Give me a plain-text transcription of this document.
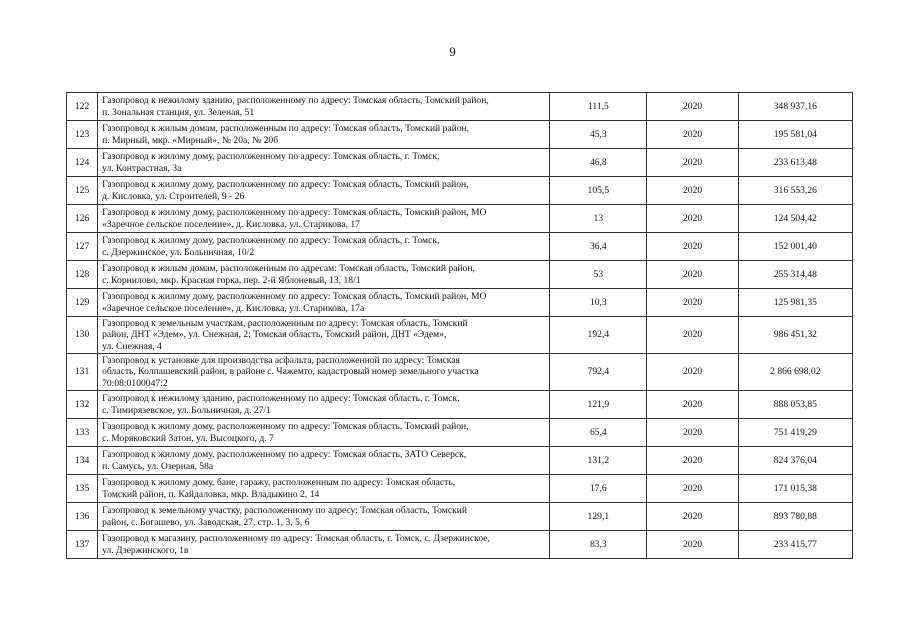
9
122	Газопровод к нежилому зданию, расположенному по адресу: Томская область, Томский район,
п. Зональная станция, ул. Зеленая, 51	111,5	2020	348 937,16
123	Газопровод к жилым домам, расположенным по адресу: Томская область, Томский район,
п. Мирный, мкр. «Мирный», № 20а, № 20б	45,3	2020	195 581,04
124	Газопровод к жилому дому, расположенному по адресу: Томская область, г. Томск,
ул. Контрастная, 3а	46,8	2020	233 613,48
125	Газопровод к жилому дому, расположенному по адресу: Томская область, Томский район,
д. Кисловка, ул. Строителей, 9 - 26	105,5	2020	316 553,26
126	Газопровод к жилому дому, расположенному по адресу: Томская область, Томский район, МО
«Заречное сельское поселение», д. Кисловка, ул. Старикова, 17	13	2020	124 504,42
127	Газопровод к жилому дому, расположенному по адресу: Томская область, г. Томск,
с. Дзержинское, ул. Больничная, 10/2	36,4	2020	152 001,40
128	Газопровод к жилым домам, расположенным по адресам: Томская область, Томский район,
с. Корнилово, мкр. Красная горка, пер. 2-й Яблоневый, 13, 18/1	53	2020	255 314,48
129	Газопровод к жилому дому, расположенному по адресу: Томская область, Томский район, МО
«Заречное сельское поселение», д. Кисловка, ул. Старикова, 17а	10,3	2020	125 981,35
130	Газопровод к земельным участкам, расположенным по адресу: Томская область, Томский
район, ДНТ «Эдем», ул. Снежная, 2; Томская область, Томский район, ДНТ «Эдем»,
ул. Снежная, 4	192,4	2020	986 451,32
131	Газопровод к установке для производства асфальта, расположенной по адресу: Томская
область, Колпашевский район, в районе с. Чажемто, кадастровый номер земельного участка
70:08:0100047:2	792,4	2020	2 866 698,02
132	Газопровод к нежилому зданию, расположенному по адресу: Томская область, г. Томск,
с. Тимирязевское, ул. Больничная, д. 27/1	121,9	2020	888 053,85
133	Газопровод к жилому дому, расположенному по адресу: Томская область, Томский район,
с. Моряковский Затон, ул. Высоцкого, д. 7	65,4	2020	751 419,29
134	Газопровод к жилому дому, расположенному по адресу: Томская область, ЗАТО Северск,
п. Самусь, ул. Озерная, 58а	131,2	2020	824 376,04
135	Газопровод к жилому дому, бане, гаражу, расположенным по адресу: Томская область,
Томский район, п. Кайдаловка, мкр. Владыкино 2, 14	17,6	2020	171 015,38
136	Газопровод к земельному участку, расположенному по адресу: Томская область, Томский
район, с. Богашево, ул. Заводская, 27, стр. 1, 3, 5, 6	129,1	2020	893 780,88
137	Газопровод к магазину, расположенному по адресу: Томская область, г. Томск, с. Дзержинское,
ул. Дзержинского, 1в	83,3	2020	233 415,77
